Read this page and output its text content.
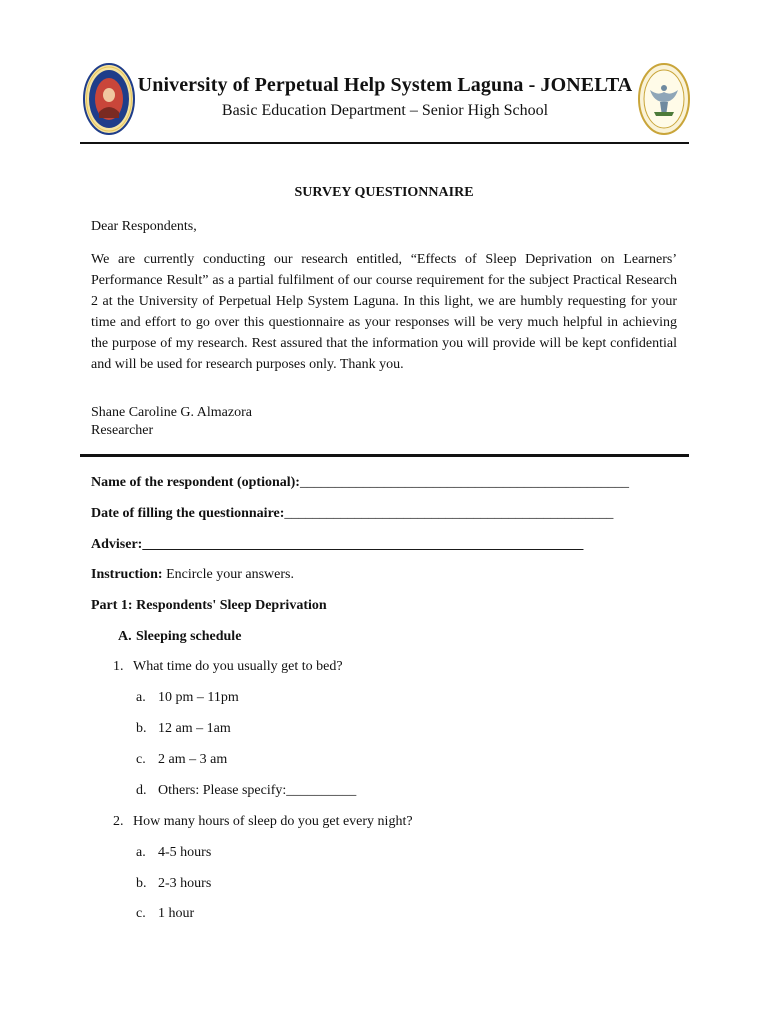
University of Perpetual Help System Laguna - JONELTA
Basic Education Department – Senior High School
SURVEY QUESTIONNAIRE
Dear Respondents,

We are currently conducting our research entitled, “Effects of Sleep Deprivation on Learners’ Performance Result” as a partial fulfilment of our course requirement for the subject Practical Research 2 at the University of Perpetual Help System Laguna. In this light, we are humbly requesting for your time and effort to go over this questionnaire as your responses will be very much helpful in achieving the purpose of my research. Rest assured that the information you will provide will be kept confidential and will be used for research purposes only. Thank you.

Shane Caroline G. Almazora
Researcher
Name of the respondent (optional):_______________________________________________
Date of filling the questionnaire:_______________________________________________
Adviser:_______________________________________________________________
Instruction: Encircle your answers.
Part 1: Respondents' Sleep Deprivation
A. Sleeping schedule
1. What time do you usually get to bed?
a. 10 pm – 11pm
b. 12 am – 1am
c. 2 am – 3 am
d. Others: Please specify:__________
2. How many hours of sleep do you get every night?
a. 4-5 hours
b. 2-3 hours
c. 1 hour
